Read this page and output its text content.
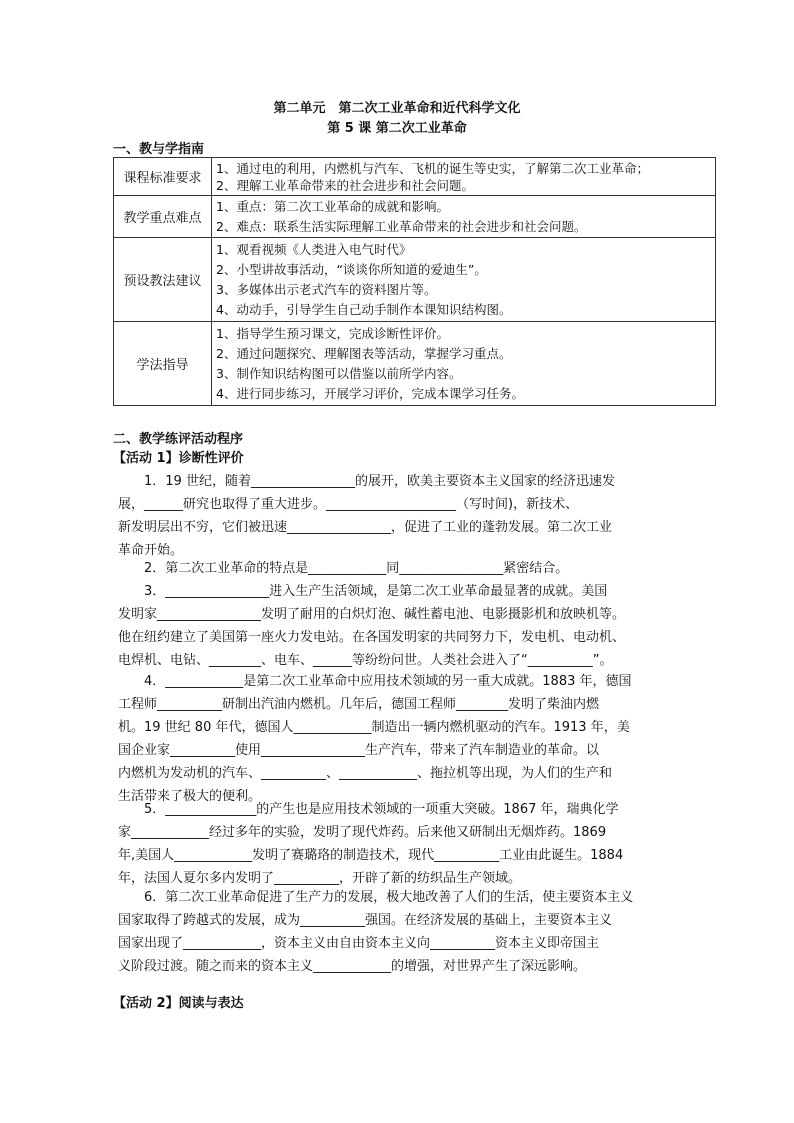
第二单元　第二次工业革命和近代科学文化
第 5 课 第二次工业革命
一、教与学指南
课程标准要求	1、通过电的利用，内燃机与汽车、飞机的诞生等史实，了解第二次工业革命；
2、理解工业革命带来的社会进步和社会问题。

教学重点难点	1、重点：第二次工业革命的成就和影响。
2、难点：联系生活实际理解工业革命带来的社会进步和社会问题。

预设教法建议	1、观看视频《人类进入电气时代》
2、小型讲故事活动，“谈谈你所知道的爱迪生”。
3、多媒体出示老式汽车的资料图片等。
4、动动手，引导学生自己动手制作本课知识结构图。

学法指导	1、指导学生预习课文，完成诊断性评价。
2、通过问题探究、理解图表等活动，掌握学习重点。
3、制作知识结构图可以借鉴以前所学内容。
4、进行同步练习，开展学习评价，完成本课学习任务。
二、教学练评活动程序
【活动 1】诊断性评价

1．19 世纪，随着________________的展开，欧美主要资本主义国家的经济迅速发

展，______研究也取得了重大进步。____________________（写时间)，新技术、

新发明层出不穷，它们被迅速________________，促进了工业的蓬勃发展。第二次工业

革命开始。

2．第二次工业革命的特点是____________同________________紧密结合。

3．________________进入生产生活领域，是第二次工业革命最显著的成就。美国

发明家________________发明了耐用的白炽灯泡、碱性蓄电池、电影摄影机和放映机等。

他在纽约建立了美国第一座火力发电站。在各国发明家的共同努力下，发电机、电动机、

电焊机、电钻、________、电车、______等纷纷问世。人类社会进入了“__________”。

4．____________是第二次工业革命中应用技术领域的另一重大成就。1883 年，德国

工程师__________研制出汽油内燃机。几年后，德国工程师________发明了柴油内燃

机。19 世纪 80 年代，德国人____________制造出一辆内燃机驱动的汽车。1913 年，美

国企业家__________使用________________生产汽车，带来了汽车制造业的革命。以

内燃机为发动机的汽车、__________、____________、拖拉机等出现，为人们的生产和

生活带来了极大的便利。

5．______________的产生也是应用技术领域的一项重大突破。1867 年，瑞典化学

家____________经过多年的实验，发明了现代炸药。后来他又研制出无烟炸药。1869

年,美国人____________发明了赛璐珞的制造技术，现代__________工业由此诞生。1884

年，法国人夏尔多内发明了__________，开辟了新的纺织品生产领域。

6．第二次工业革命促进了生产力的发展，极大地改善了人们的生活，使主要资本主义

国家取得了跨越式的发展，成为__________强国。在经济发展的基础上，主要资本主义

国家出现了____________，资本主义由自由资本主义向__________资本主义即帝国主

义阶段过渡。随之而来的资本主义____________的增强，对世界产生了深远影响。

【活动 2】阅读与表达
